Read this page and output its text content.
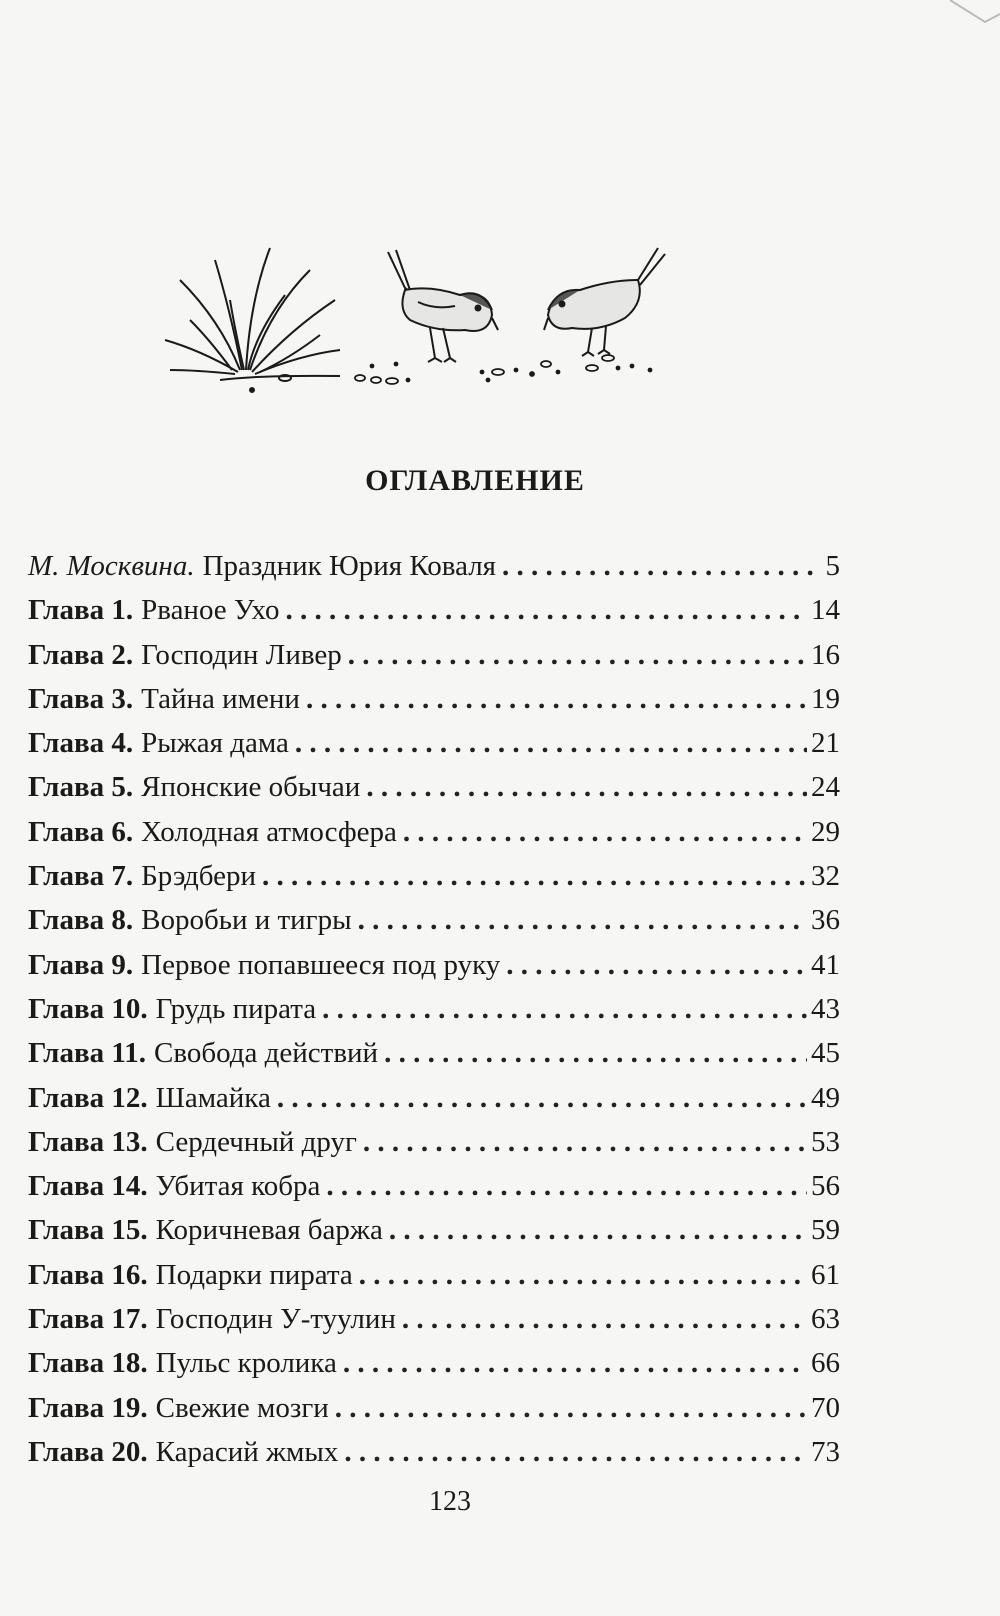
ОГЛАВЛЕНИЕ
М. Москвина. Праздник Юрия Коваля . . .	5
Глава 1. Рваное Ухо . . .	14
Глава 2. Господин Ливер . . .	16
Глава 3. Тайна имени . . .	19
Глава 4. Рыжая дама . . .	21
Глава 5. Японские обычаи . . .	24
Глава 6. Холодная атмосфера . . .	29
Глава 7. Брэдбери . . .	32
Глава 8. Воробьи и тигры . . .	36
Глава 9. Первое попавшееся под руку . . .	41
Глава 10. Грудь пирата . . .	43
Глава 11. Свобода действий . . .	45
Глава 12. Шамайка . . .	49
Глава 13. Сердечный друг . . .	53
Глава 14. Убитая кобра . . .	56
Глава 15. Коричневая баржа . . .	59
Глава 16. Подарки пирата . . .	61
Глава 17. Господин У-туулин . . .	63
Глава 18. Пульс кролика . . .	66
Глава 19. Свежие мозги . . .	70
Глава 20. Карасий жмых . . .	73
123
